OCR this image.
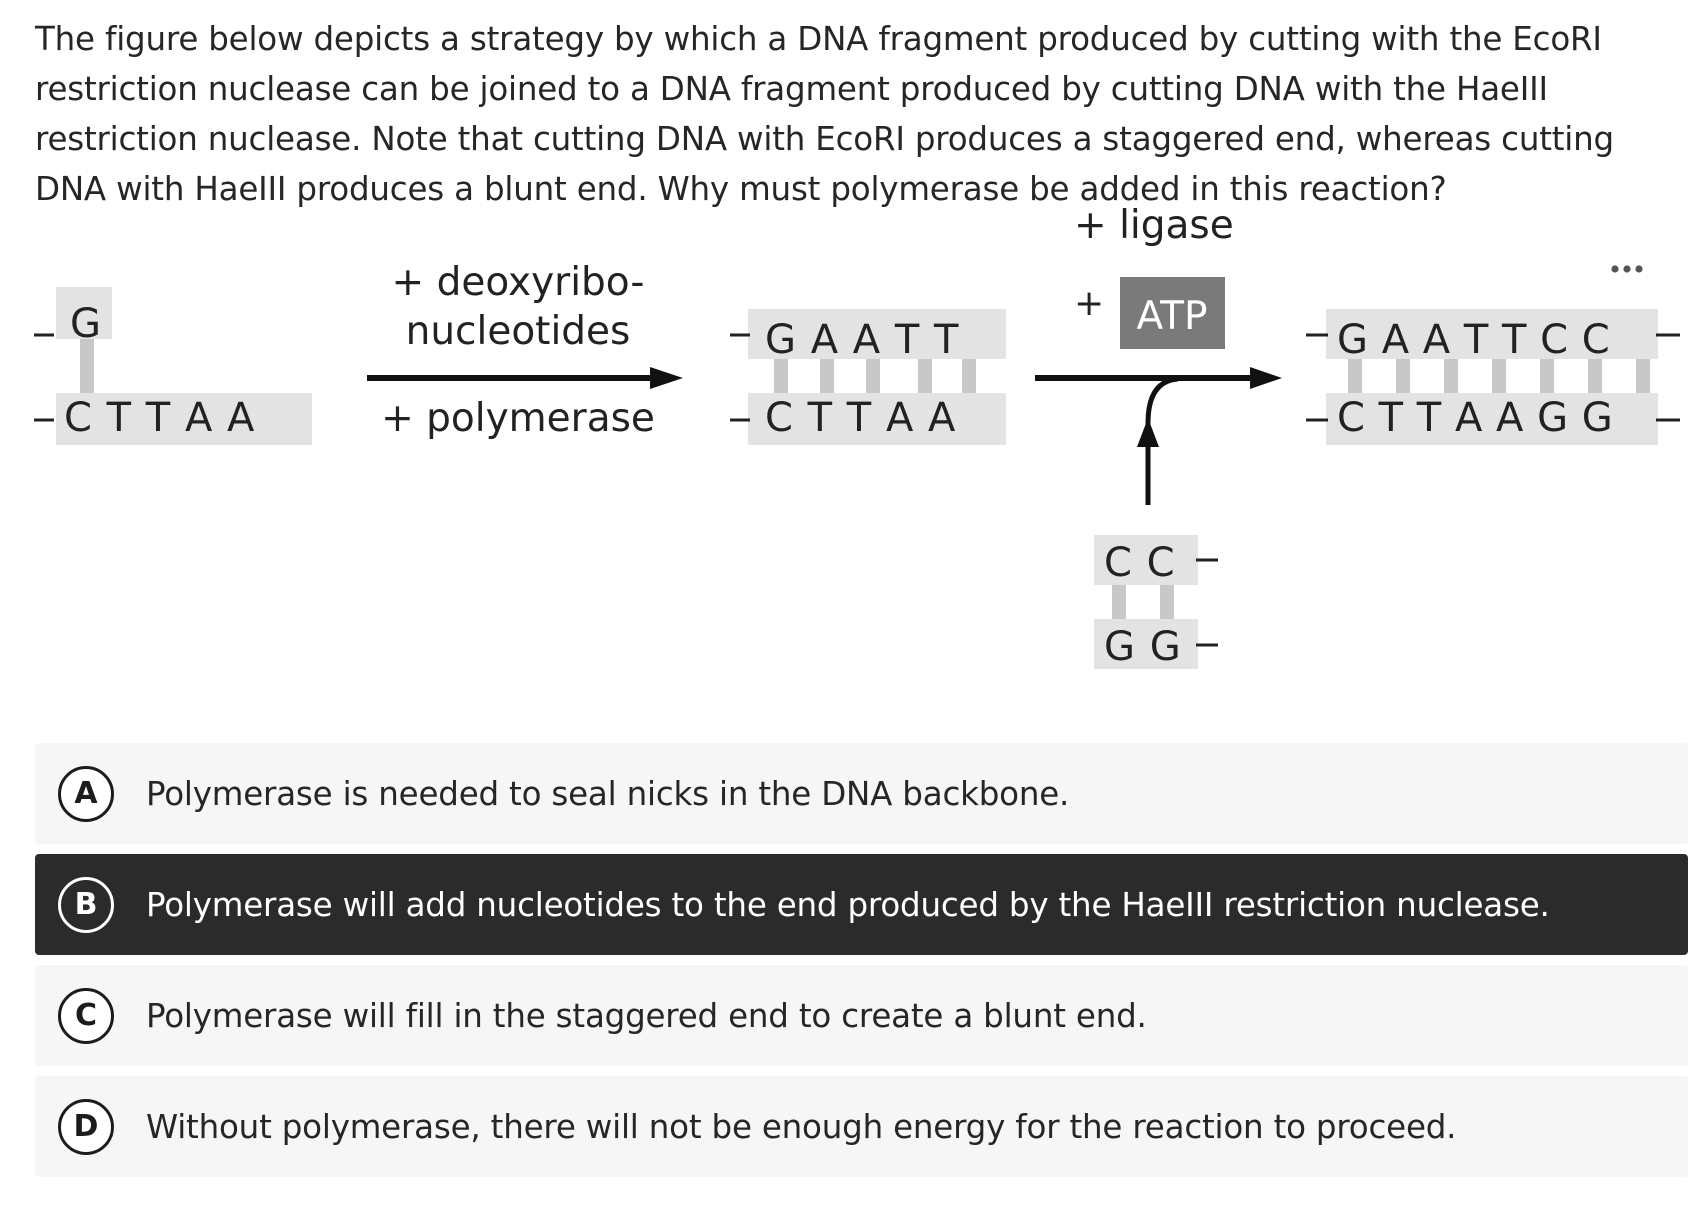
The figure below depicts a strategy by which a DNA fragment produced by cutting with the EcoRI restriction nuclease can be joined to a DNA fragment produced by cutting DNA with the HaeIII restriction nuclease. Note that cutting DNA with EcoRI produces a staggered end, whereas cutting DNA with HaeIII produces a blunt end. Why must polymerase be added in this reaction?

G
C T T A A
+ deoxyribo-
nucleotides
+ polymerase
G A A T T
C T T A A
+ ligase
+ ATP
C C
G G
G A A T T C C
C T T A A G G
A	Polymerase is needed to seal nicks in the DNA backbone.
B	Polymerase will add nucleotides to the end produced by the HaeIII restriction nuclease.
C	Polymerase will fill in the staggered end to create a blunt end.
D	Without polymerase, there will not be enough energy for the reaction to proceed.
